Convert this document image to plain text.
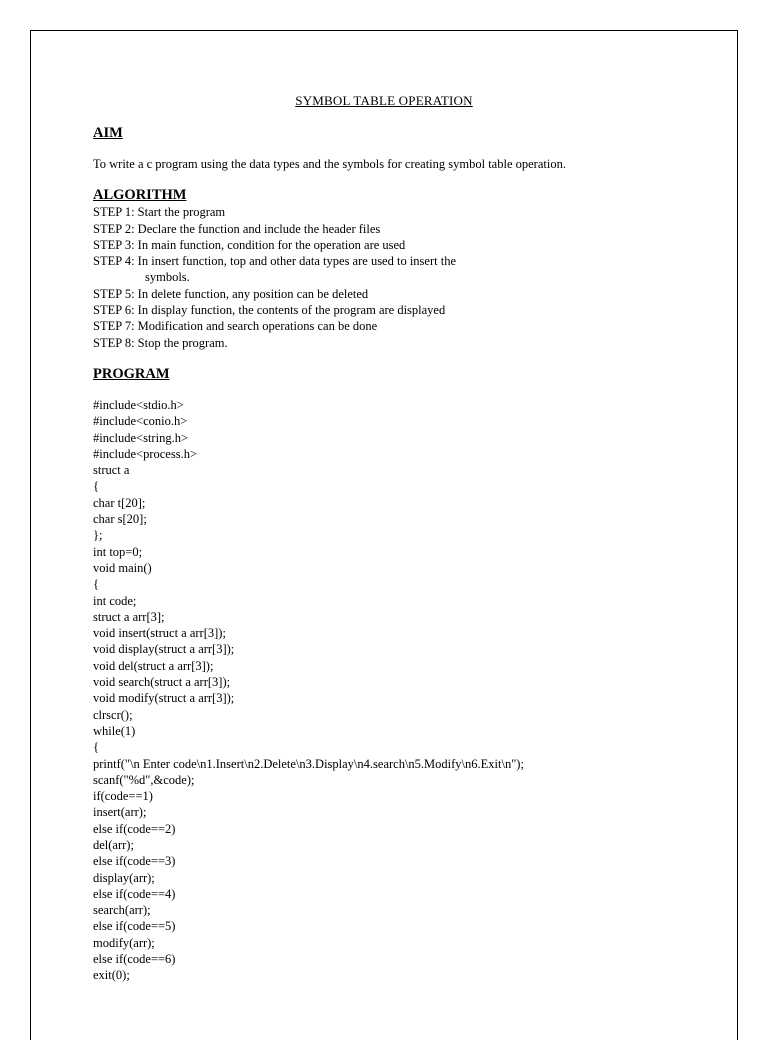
SYMBOL TABLE OPERATION
AIM
To write a c program using the data types and the symbols for creating symbol table operation.
ALGORITHM
STEP 1: Start the program
STEP 2: Declare the function and include the header files
STEP 3: In main function, condition for the operation are used
STEP 4: In insert function, top and other data types are used to insert the
symbols.
STEP 5: In delete function, any position can be deleted
STEP 6: In display function, the contents of the program are displayed
STEP 7: Modification and search operations can be done
STEP 8: Stop the program.
PROGRAM
#include<stdio.h>
#include<conio.h>
#include<string.h>
#include<process.h>
struct a
{
char t[20];
char s[20];
};
int top=0;
void main()
{
int code;
struct a arr[3];
void insert(struct a arr[3]);
void display(struct a arr[3]);
void del(struct a arr[3]);
void search(struct a arr[3]);
void modify(struct a arr[3]);
clrscr();
while(1)
{
printf("\n Enter code\n1.Insert\n2.Delete\n3.Display\n4.search\n5.Modify\n6.Exit\n");
scanf("%d",&code);
if(code==1)
insert(arr);
else if(code==2)
del(arr);
else if(code==3)
display(arr);
else if(code==4)
search(arr);
else if(code==5)
modify(arr);
else if(code==6)
exit(0);
